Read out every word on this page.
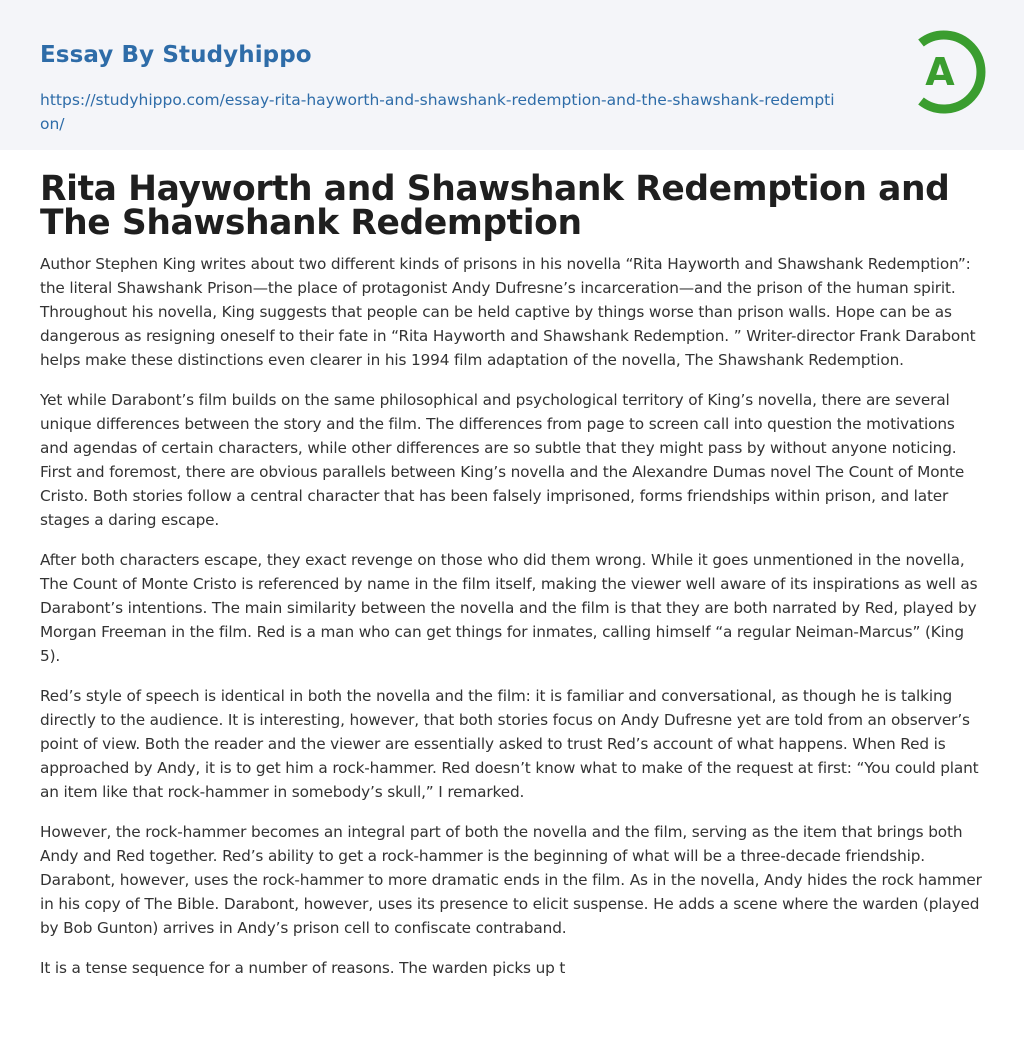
Essay By Studyhippo
https://studyhippo.com/essay-rita-hayworth-and-shawshank-redemption-and-the-shawshank-redemption/
A
Rita Hayworth and Shawshank Redemption and The Shawshank Redemption

Author Stephen King writes about two different kinds of prisons in his novella “Rita Hayworth and Shawshank Redemption”: the literal Shawshank Prison—the place of protagonist Andy Dufresne’s incarceration—and the prison of the human spirit. Throughout his novella, King suggests that people can be held captive by things worse than prison walls. Hope can be as dangerous as resigning oneself to their fate in “Rita Hayworth and Shawshank Redemption. ” Writer-director Frank Darabont helps make these distinctions even clearer in his 1994 film adaptation of the novella, The Shawshank Redemption.

Yet while Darabont’s film builds on the same philosophical and psychological territory of King’s novella, there are several unique differences between the story and the film. The differences from page to screen call into question the motivations and agendas of certain characters, while other differences are so subtle that they might pass by without anyone noticing. First and foremost, there are obvious parallels between King’s novella and the Alexandre Dumas novel The Count of Monte Cristo. Both stories follow a central character that has been falsely imprisoned, forms friendships within prison, and later stages a daring escape.

After both characters escape, they exact revenge on those who did them wrong. While it goes unmentioned in the novella, The Count of Monte Cristo is referenced by name in the film itself, making the viewer well aware of its inspirations as well as Darabont’s intentions. The main similarity between the novella and the film is that they are both narrated by Red, played by Morgan Freeman in the film. Red is a man who can get things for inmates, calling himself “a regular Neiman-Marcus” (King 5).

Red’s style of speech is identical in both the novella and the film: it is familiar and conversational, as though he is talking directly to the audience. It is interesting, however, that both stories focus on Andy Dufresne yet are told from an observer’s point of view. Both the reader and the viewer are essentially asked to trust Red’s account of what happens. When Red is approached by Andy, it is to get him a rock-hammer. Red doesn’t know what to make of the request at first: “You could plant an item like that rock-hammer in somebody’s skull,” I remarked.

However, the rock-hammer becomes an integral part of both the novella and the film, serving as the item that brings both Andy and Red together. Red’s ability to get a rock-hammer is the beginning of what will be a three-decade friendship. Darabont, however, uses the rock-hammer to more dramatic ends in the film. As in the novella, Andy hides the rock hammer in his copy of The Bible. Darabont, however, uses its presence to elicit suspense. He adds a scene where the warden (played by Bob Gunton) arrives in Andy’s prison cell to confiscate contraband.

It is a tense sequence for a number of reasons. The warden picks up t
